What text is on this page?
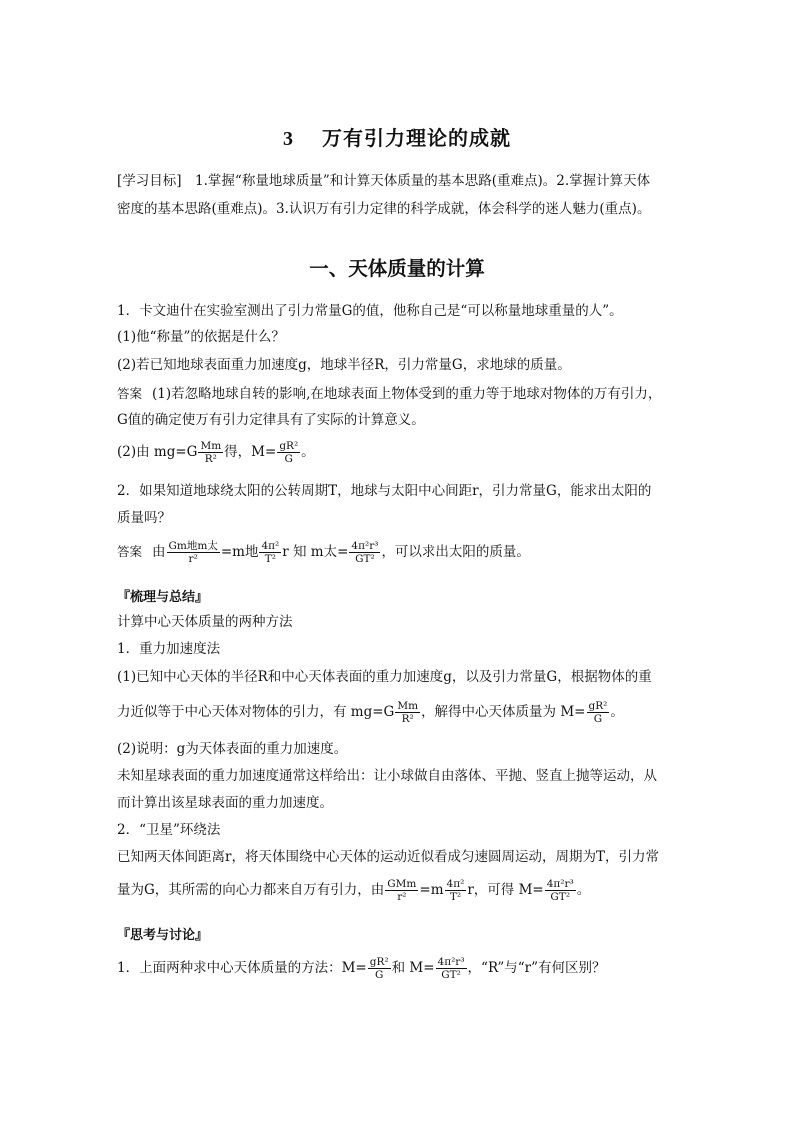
3 万有引力理论的成就
[学习目标]　1.掌握“称量地球质量”和计算天体质量的基本思路(重难点)。2.掌握计算天体
密度的基本思路(重难点)。3.认识万有引力定律的科学成就，体会科学的迷人魅力(重点)。
一、天体质量的计算
1．卡文迪什在实验室测出了引力常量G的值，他称自己是“可以称量地球重量的人”。
(1)他“称量”的依据是什么？
(2)若已知地球表面重力加速度g，地球半径R，引力常量G，求地球的质量。
答案 (1)若忽略地球自转的影响,在地球表面上物体受到的重力等于地球对物体的万有引力，
G值的确定使万有引力定律具有了实际的计算意义。
(2)由 $mg=G \frac{Mm}{\text{R²}}$ 得，$M= \frac{\text{gR²}}{G}$ 。
2．如果知道地球绕太阳的公转周期T，地球与太阳中心间距r，引力常量G，能求出太阳的
质量吗？
答案 由 $\frac{\text{Gm地m太}}{\text{r²}} =m$地 $\frac{\text{4π²}}{\text{T²}}$ r 知 m太= $\frac{\text{4π²r³}}{\text{GT²}}$ ，可以求出太阳的质量。
『梳理与总结』
计算中心天体质量的两种方法
1．重力加速度法
(1)已知中心天体的半径R和中心天体表面的重力加速度g，以及引力常量G，根据物体的重
力近似等于中心天体对物体的引力，有 $mg=G \frac{Mm}{\text{R²}}$ ，解得中心天体质量为 $M= \frac{\text{gR²}}{G}$ 。
(2)说明：g为天体表面的重力加速度。
未知星球表面的重力加速度通常这样给出：让小球做自由落体、平抛、竖直上抛等运动，从
而计算出该星球表面的重力加速度。
2．“卫星”环绕法
已知两天体间距离r，将天体围绕中心天体的运动近似看成匀速圆周运动，周期为T，引力常
量为G，其所需的向心力都来自万有引力，由 $\frac{\text{GMm}}{\text{r²}} =m \frac{\text{4π²}}{\text{T²}}$ r，可得 $M= \frac{\text{4π²r³}}{\text{GT²}}$ 。
『思考与讨论』
1．上面两种求中心天体质量的方法：$M= \frac{\text{gR²}}{G}$ 和 $M= \frac{\text{4π²r³}}{\text{GT²}}$ ，“R”与“r”有何区别？
